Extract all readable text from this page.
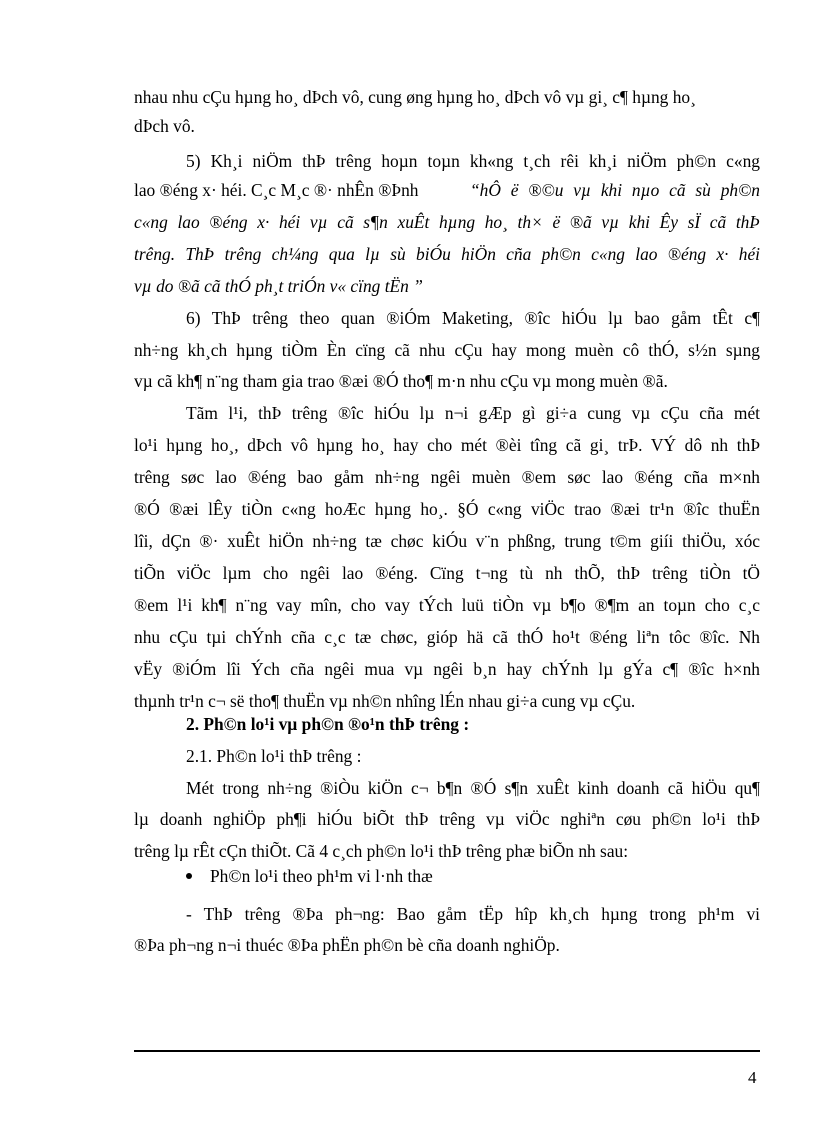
nhau nhu cÇu hµng ho¸ dÞch vô, cung øng hµng ho¸ dÞch vô vµ gi¸ c¶ hµng ho¸
dÞch vô.
5) Kh¸i niÖm thÞ trêng hoµn toµn kh«ng t¸ch rêi kh¸i niÖm ph©n c«ng
lao ®éng x· héi. C¸c M¸c ®· nhÊn ®Þnh	“hÔ ë ®©u vµ khi nµo cã sù ph©n
c«ng lao ®éng x· héi vµ cã s¶n xuÊt hµng ho¸ th× ë ®ã vµ khi Êy sÏ cã thÞ
trêng. ThÞ trêng ch¼ng qua lµ sù biÓu hiÖn cña ph©n c«ng lao ®éng x· héi
vµ do ®ã cã thÓ ph¸t triÓn v« cïng tËn ”
6) ThÞ trêng theo quan ®iÓm Maketing, ®îc hiÓu lµ bao gåm tÊt c¶
nh÷ng kh¸ch hµng tiÒm Èn cïng cã nhu cÇu hay mong muèn cô thÓ, s½n sµng
vµ cã kh¶ n¨ng tham gia trao ®æi ®Ó tho¶ m·n nhu cÇu vµ mong muèn ®ã.
Tãm l¹i, thÞ trêng ®îc hiÓu lµ n¬i gÆp gì gi÷a cung vµ cÇu cña mét
lo¹i hµng ho¸, dÞch vô hµng ho¸ hay cho mét ®èi tîng cã gi¸ trÞ. VÝ dô nh thÞ
trêng søc lao ®éng bao gåm nh÷ng ngêi muèn ®em søc lao ®éng cña m×nh
®Ó ®æi lÊy tiÒn c«ng hoÆc hµng ho¸. §Ó c«ng viÖc trao ®æi tr¹n ®îc thuËn
lîi, dÇn ®· xuÊt hiÖn nh÷ng tæ chøc kiÓu v¨n phßng, trung t©m giíi thiÖu, xóc
tiÕn viÖc lµm cho ngêi lao ®éng. Cïng t¬ng tù nh thÕ, thÞ trêng tiÒn tÖ
®em l¹i kh¶ n¨ng vay mîn, cho vay tÝch luü tiÒn vµ b¶o ®¶m an toµn cho c¸c
nhu cÇu tµi chÝnh cña c¸c tæ chøc, gióp hä cã thÓ ho¹t ®éng liªn tôc ®îc. Nh
vËy ®iÓm lîi Ých cña ngêi mua vµ ngêi b¸n hay chÝnh lµ gÝa c¶ ®îc h×nh
thµnh tr¹n c¬ së tho¶ thuËn vµ nh©n nhîng lÉn nhau gi÷a cung vµ cÇu.
2. Ph©n lo¹i vµ ph©n ®o¹n thÞ trêng :
2.1. Ph©n lo¹i thÞ trêng :
Mét trong nh÷ng ®iÒu kiÖn c¬ b¶n ®Ó s¶n xuÊt kinh doanh cã hiÖu qu¶
lµ doanh nghiÖp ph¶i hiÓu biÕt thÞ trêng vµ viÖc nghiªn cøu ph©n lo¹i thÞ
trêng lµ rÊt cÇn thiÕt. Cã 4 c¸ch ph©n lo¹i thÞ trêng phæ biÕn nh sau:
Ph©n lo¹i theo ph¹m vi l·nh thæ
- ThÞ trêng ®Þa ph¬ng: Bao gåm tËp hîp kh¸ch hµng trong ph¹m vi
®Þa ph¬ng n¬i thuéc ®Þa phËn ph©n bè cña doanh nghiÖp.
4
